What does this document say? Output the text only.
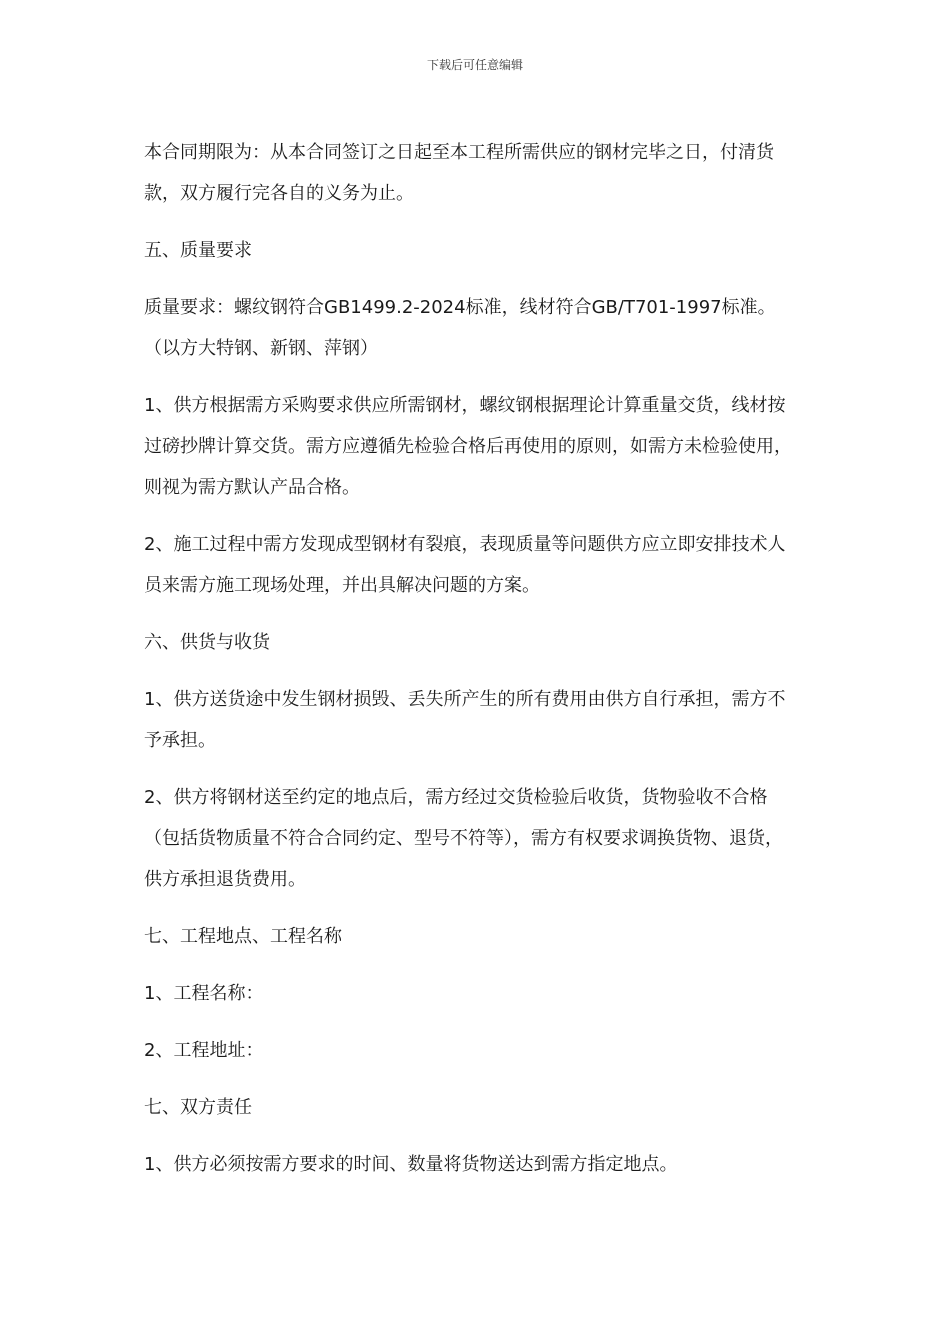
下载后可任意编辑

本合同期限为：从本合同签订之日起至本工程所需供应的钢材完毕之日，付清货款，双方履行完各自的义务为止。

五、质量要求

质量要求：螺纹钢符合GB1499.2-2024标准，线材符合GB/T701-1997标准。（以方大特钢、新钢、萍钢）

1、供方根据需方采购要求供应所需钢材，螺纹钢根据理论计算重量交货，线材按过磅抄牌计算交货。需方应遵循先检验合格后再使用的原则，如需方未检验使用，则视为需方默认产品合格。

2、施工过程中需方发现成型钢材有裂痕，表现质量等问题供方应立即安排技术人员来需方施工现场处理，并出具解决问题的方案。

六、供货与收货

1、供方送货途中发生钢材损毁、丢失所产生的所有费用由供方自行承担，需方不予承担。

2、供方将钢材送至约定的地点后，需方经过交货检验后收货，货物验收不合格（包括货物质量不符合合同约定、型号不符等），需方有权要求调换货物、退货，供方承担退货费用。

七、工程地点、工程名称

1、工程名称：

2、工程地址：

七、双方责任

1、供方必须按需方要求的时间、数量将货物送达到需方指定地点。
